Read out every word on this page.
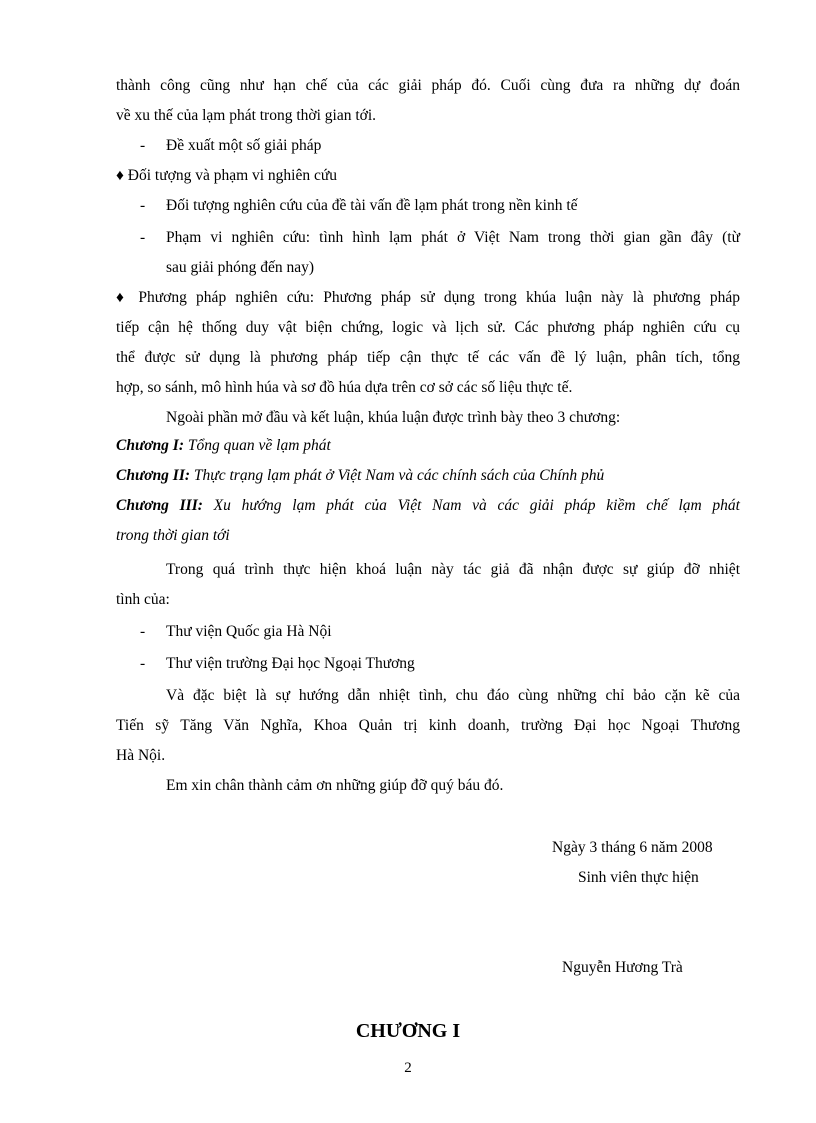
thành công cũng như hạn chế của các giải pháp đó. Cuối cùng đưa ra những dự đoán
về xu thế của lạm phát trong thời gian tới.
- Đề xuất một số giải pháp
♦ Đối tượng và phạm vi nghiên cứu
- Đối tượng nghiên cứu của đề tài vấn đề lạm phát trong nền kinh tế
- Phạm vi nghiên cứu: tình hình lạm phát ở Việt Nam trong thời gian gần đây (từ
sau giải phóng đến nay)
♦ Phương pháp nghiên cứu: Phương pháp sử dụng trong khúa luận này là phương pháp
tiếp cận hệ thống duy vật biện chứng, logic và lịch sử. Các phương pháp nghiên cứu cụ
thể được sử dụng là phương pháp tiếp cận thực tế các vấn đề lý luận, phân tích, tổng
hợp, so sánh, mô hình húa và sơ đồ húa dựa trên cơ sở các số liệu thực tế.
Ngoài phần mở đầu và kết luận, khúa luận được trình bày theo 3 chương:
Chương I: Tổng quan về lạm phát
Chương II: Thực trạng lạm phát ở Việt Nam và các chính sách của Chính phủ
Chương III: Xu hướng lạm phát của Việt Nam và các giải pháp kiềm chế lạm phát
trong thời gian tới
Trong quá trình thực hiện khoá luận này tác giả đã nhận được sự giúp đỡ nhiệt
tình của:
- Thư viện Quốc gia Hà Nội
- Thư viện trường Đại học Ngoại Thương
Và đặc biệt là sự hướng dẫn nhiệt tình, chu đáo cùng những chỉ bảo cặn kẽ của
Tiến sỹ Tăng Văn Nghĩa, Khoa Quản trị kinh doanh, trường Đại học Ngoại Thương
Hà Nội.
Em xin chân thành cảm ơn những giúp đỡ quý báu đó.
Ngày 3 tháng 6 năm 2008
Sinh viên thực hiện
Nguyễn Hương Trà
CHƯƠNG I
2
